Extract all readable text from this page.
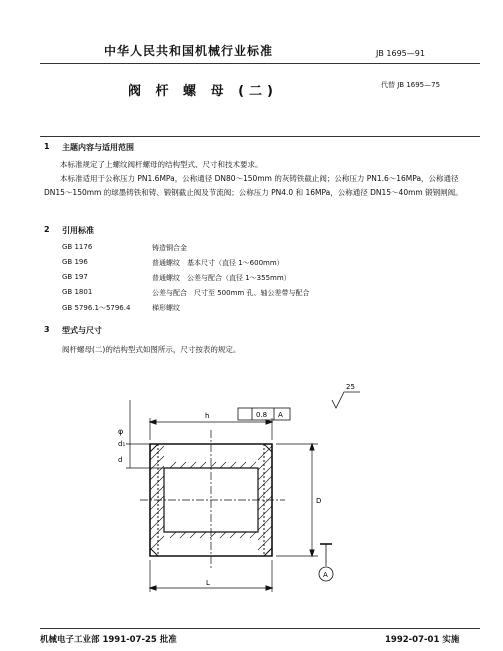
中华人民共和国机械行业标准	JB 1695—91
阀 杆 螺 母 (二)	代替 JB 1695—75
1 主题内容与适用范围
本标准规定了上螺纹阀杆螺母的结构型式、尺寸和技术要求。
本标准适用于公称压力 PN1.6MPa，公称通径 DN80～150mm 的灰铸铁截止阀；公称压力 PN1.6～16MPa，公称通径 DN15～150mm 的球墨铸铁和铸、锻钢截止阀及节流阀；公称压力 PN4.0 和 16MPa，公称通径 DN15～40mm 锻钢闸阀。
2 引用标准
GB 1176	铸造铜合金
GB 196	普通螺纹　基本尺寸（直径 1～600mm）
GB 197	普通螺纹　公差与配合（直径 1～355mm）
GB 1801	公差与配合　尺寸至 500mm 孔、轴公差带与配合
GB 5796.1～5796.4	梯形螺纹
3 型式与尺寸
阀杆螺母(二)的结构型式如图所示，尺寸按表的规定。
φ
d₁
d
25
0.8 A
h
L
D
A
机械电子工业部 1991-07-25 批准	1992-07-01 实施
